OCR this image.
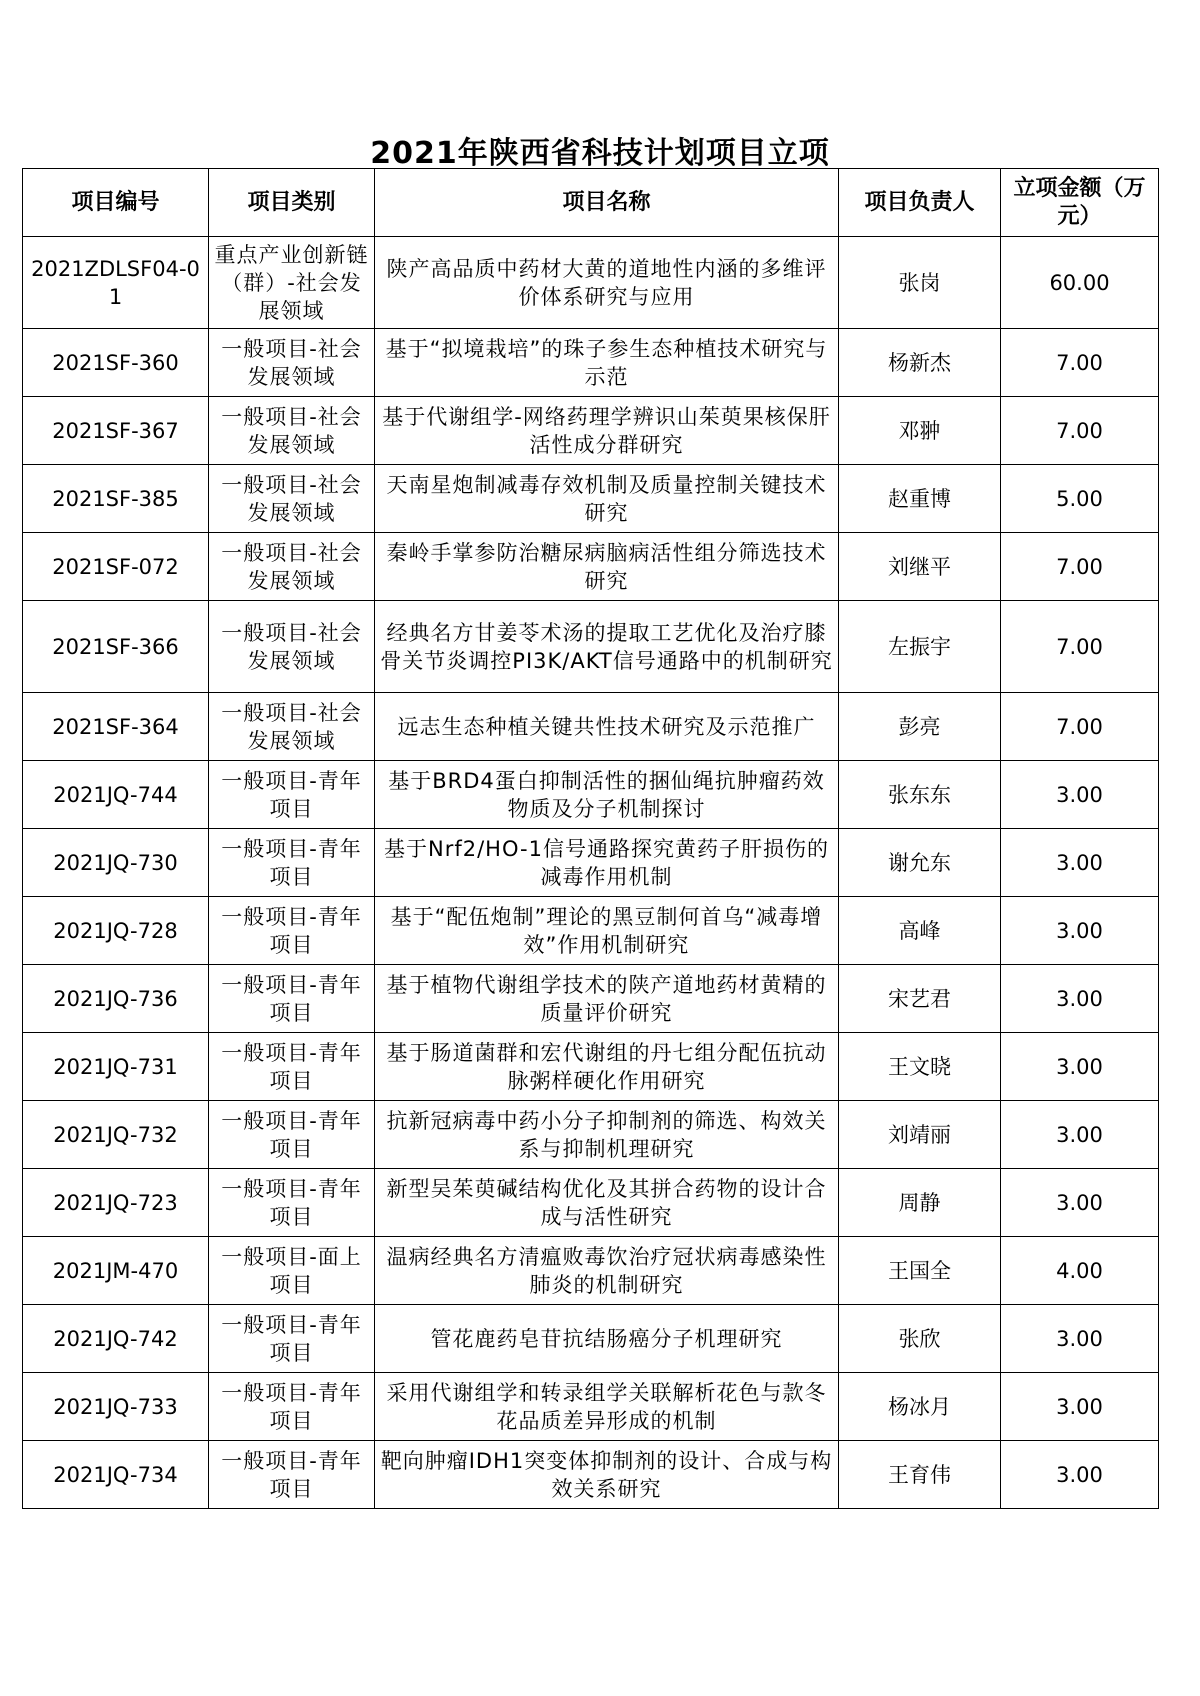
2021年陕西省科技计划项目立项
项目编号	项目类别	项目名称	项目负责人	立项金额（万元）
2021ZDLSF04-01	重点产业创新链（群）-社会发展领域	陕产高品质中药材大黄的道地性内涵的多维评价体系研究与应用	张岗	60.00
2021SF-360	一般项目-社会发展领域	基于“拟境栽培”的珠子参生态种植技术研究与示范	杨新杰	7.00
2021SF-367	一般项目-社会发展领域	基于代谢组学-网络药理学辨识山茱萸果核保肝活性成分群研究	邓翀	7.00
2021SF-385	一般项目-社会发展领域	天南星炮制减毒存效机制及质量控制关键技术研究	赵重博	5.00
2021SF-072	一般项目-社会发展领域	秦岭手掌参防治糖尿病脑病活性组分筛选技术研究	刘继平	7.00
2021SF-366	一般项目-社会发展领域	经典名方甘姜苓术汤的提取工艺优化及治疗膝骨关节炎调控PI3K/AKT信号通路中的机制研究	左振宇	7.00
2021SF-364	一般项目-社会发展领域	远志生态种植关键共性技术研究及示范推广	彭亮	7.00
2021JQ-744	一般项目-青年项目	基于BRD4蛋白抑制活性的捆仙绳抗肿瘤药效物质及分子机制探讨	张东东	3.00
2021JQ-730	一般项目-青年项目	基于Nrf2/HO-1信号通路探究黄药子肝损伤的减毒作用机制	谢允东	3.00
2021JQ-728	一般项目-青年项目	基于“配伍炮制”理论的黑豆制何首乌“减毒增效”作用机制研究	高峰	3.00
2021JQ-736	一般项目-青年项目	基于植物代谢组学技术的陕产道地药材黄精的质量评价研究	宋艺君	3.00
2021JQ-731	一般项目-青年项目	基于肠道菌群和宏代谢组的丹七组分配伍抗动脉粥样硬化作用研究	王文晓	3.00
2021JQ-732	一般项目-青年项目	抗新冠病毒中药小分子抑制剂的筛选、构效关系与抑制机理研究	刘靖丽	3.00
2021JQ-723	一般项目-青年项目	新型吴茱萸碱结构优化及其拼合药物的设计合成与活性研究	周静	3.00
2021JM-470	一般项目-面上项目	温病经典名方清瘟败毒饮治疗冠状病毒感染性肺炎的机制研究	王国全	4.00
2021JQ-742	一般项目-青年项目	管花鹿药皂苷抗结肠癌分子机理研究	张欣	3.00
2021JQ-733	一般项目-青年项目	采用代谢组学和转录组学关联解析花色与款冬花品质差异形成的机制	杨冰月	3.00
2021JQ-734	一般项目-青年项目	靶向肿瘤IDH1突变体抑制剂的设计、合成与构效关系研究	王育伟	3.00
